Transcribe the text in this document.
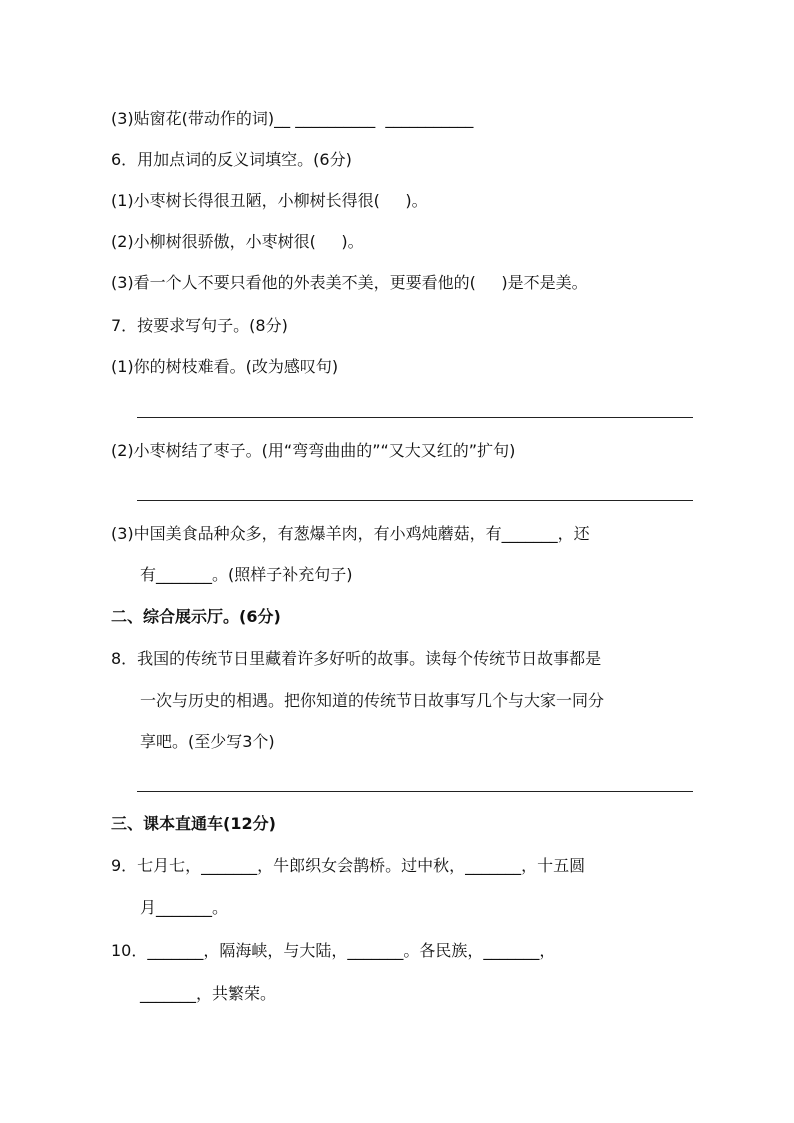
(3)贴窗花(带动作的词)__ __________  ___________
6．用加点词的反义词填空。(6分)
(1)小枣树长得很丑陋，小柳树长得很(     )。
(2)小柳树很骄傲，小枣树很(     )。
(3)看一个人不要只看他的外表美不美，更要看他的(     )是不是美。
7．按要求写句子。(8分)
(1)你的树枝难看。(改为感叹句)
(2)小枣树结了枣子。(用“弯弯曲曲的”“又大又红的”扩句)
(3)中国美食品种众多，有葱爆羊肉，有小鸡炖蘑菇，有_______，还
有_______。(照样子补充句子)
二、综合展示厅。(6分)
8．我国的传统节日里藏着许多好听的故事。读每个传统节日故事都是
一次与历史的相遇。把你知道的传统节日故事写几个与大家一同分
享吧。(至少写3个)
三、课本直通车(12分)
9．七月七，_______，牛郎织女会鹊桥。过中秋，_______，十五圆
月_______。
10．_______，隔海峡，与大陆，_______。各民族，_______，
_______，共繁荣。
